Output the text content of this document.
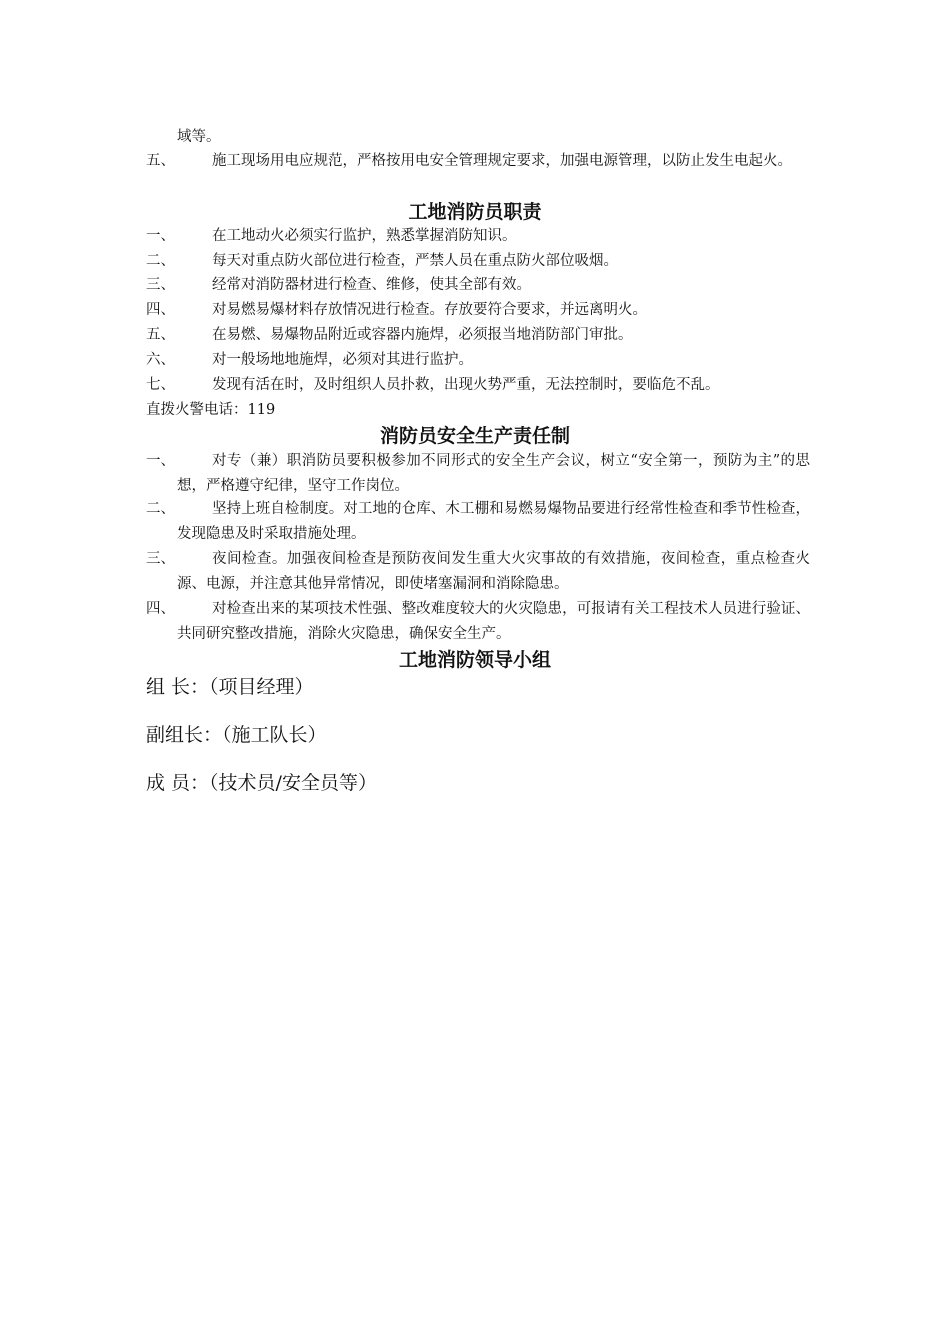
域等。
五、	施工现场用电应规范，严格按用电安全管理规定要求，加强电源管理，以防止发生电起火。
工地消防员职责
一、	在工地动火必须实行监护，熟悉掌握消防知识。
二、	每天对重点防火部位进行检查，严禁人员在重点防火部位吸烟。
三、	经常对消防器材进行检查、维修，使其全部有效。
四、	对易燃易爆材料存放情况进行检查。存放要符合要求，并远离明火。
五、	在易燃、易爆物品附近或容器内施焊，必须报当地消防部门审批。
六、	对一般场地地施焊，必须对其进行监护。
七、	发现有活在时，及时组织人员扑救，出现火势严重，无法控制时，要临危不乱。
直拨火警电话：119
消防员安全生产责任制
一、	对专（兼）职消防员要积极参加不同形式的安全生产会议，树立“安全第一，预防为主”的思想，严格遵守纪律，坚守工作岗位。
二、	坚持上班自检制度。对工地的仓库、木工棚和易燃易爆物品要进行经常性检查和季节性检查，发现隐患及时采取措施处理。
三、	夜间检查。加强夜间检查是预防夜间发生重大火灾事故的有效措施，夜间检查，重点检查火源、电源，并注意其他异常情况，即使堵塞漏洞和消除隐患。
四、	对检查出来的某项技术性强、整改难度较大的火灾隐患，可报请有关工程技术人员进行验证、共同研究整改措施，消除火灾隐患，确保安全生产。
工地消防领导小组
组 长：（项目经理）
副组长：（施工队长）
成 员：（技术员/安全员等）
